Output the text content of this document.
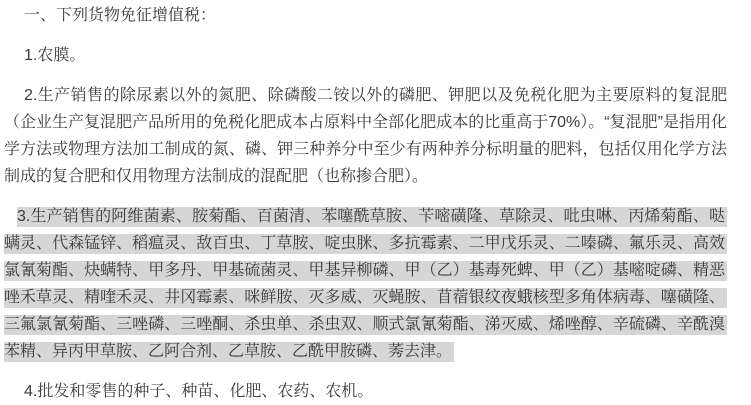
一、下列货物免征增值税：

1.农膜。

2.生产销售的除尿素以外的氮肥、除磷酸二铵以外的磷肥、钾肥以及免税化肥为主要原料的复混肥（企业生产复混肥产品所用的免税化肥成本占原料中全部化肥成本的比重高于70%）。“复混肥”是指用化学方法或物理方法加工制成的氮、磷、钾三种养分中至少有两种养分标明量的肥料，包括仅用化学方法制成的复合肥和仅用物理方法制成的混配肥（也称掺合肥）。

3.生产销售的阿维菌素、胺菊酯、百菌清、苯噻酰草胺、苄嘧磺隆、草除灵、吡虫啉、丙烯菊酯、哒螨灵、代森锰锌、稻瘟灵、敌百虫、丁草胺、啶虫脒、多抗霉素、二甲戊乐灵、二嗪磷、氟乐灵、高效氯氰菊酯、炔螨特、甲多丹、甲基硫菌灵、甲基异柳磷、甲（乙）基毒死蜱、甲（乙）基嘧啶磷、精恶唑禾草灵、精喹禾灵、井冈霉素、咪鲜胺、灭多威、灭蝇胺、苜蓿银纹夜蛾核型多角体病毒、噻磺隆、三氟氯氰菊酯、三唑磷、三唑酮、杀虫单、杀虫双、顺式氯氰菊酯、涕灭威、烯唑醇、辛硫磷、辛酰溴苯精、异丙甲草胺、乙阿合剂、乙草胺、乙酰甲胺磷、莠去津。

4.批发和零售的种子、种苗、化肥、农药、农机。
